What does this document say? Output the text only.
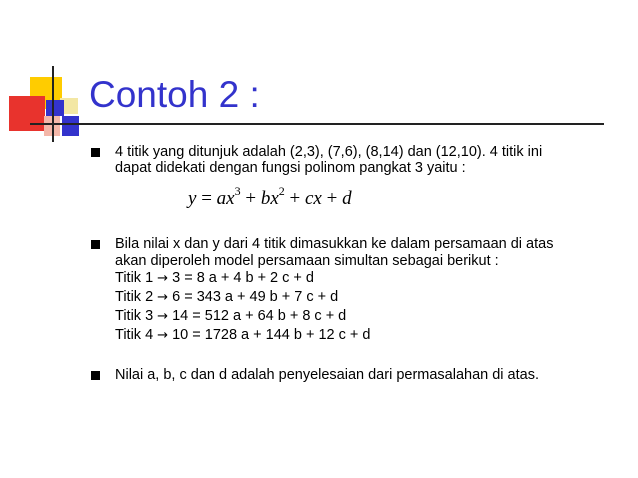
Contoh 2 :
4 titik yang ditunjuk adalah (2,3), (7,6), (8,14) dan (12,10). 4 titik ini
dapat didekati dengan fungsi polinom pangkat 3 yaitu :
$y = ax^3 + bx^2$ + cx + d
Bila nilai x dan y dari 4 titik dimasukkan ke dalam persamaan di atas
akan diperoleh model persamaan simultan sebagai berikut :
Titik 1 → 3 = 8 a + 4 b + 2 c + d
Titik 2 → 6 = 343 a + 49 b + 7 c + d
Titik 3 → 14 = 512 a + 64 b + 8 c + d
Titik 4 → 10 = 1728 a + 144 b + 12 c + d
Nilai a, b, c dan d adalah penyelesaian dari permasalahan di atas.
